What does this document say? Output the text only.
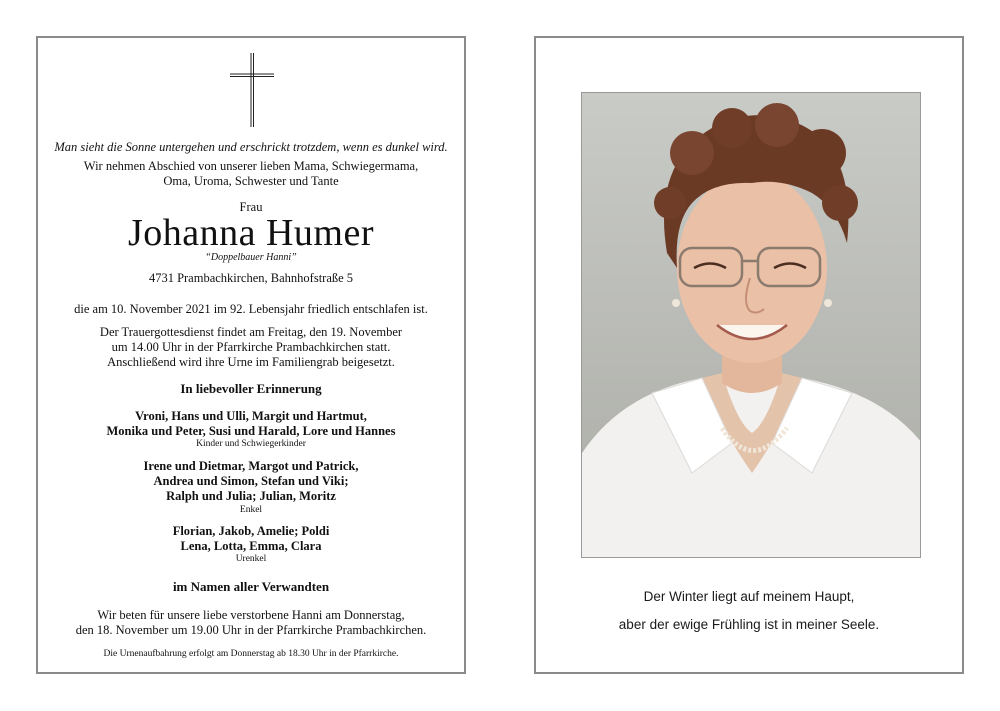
Man sieht die Sonne untergehen und erschrickt trotzdem, wenn es dunkel wird.
Wir nehmen Abschied von unserer lieben Mama, Schwiegermama,
Oma, Uroma, Schwester und Tante
Frau
Johanna Humer
“Doppelbauer Hanni”
4731 Prambachkirchen, Bahnhofstraße 5
die am 10. November 2021 im 92. Lebensjahr friedlich entschlafen ist.
Der Trauergottesdienst findet am Freitag, den 19. November
um 14.00 Uhr in der Pfarrkirche Prambachkirchen statt.
Anschließend wird ihre Urne im Familiengrab beigesetzt.
In liebevoller Erinnerung
Vroni, Hans und Ulli, Margit und Hartmut,
Monika und Peter, Susi und Harald, Lore und Hannes
Kinder und Schwiegerkinder
Irene und Dietmar, Margot und Patrick,
Andrea und Simon, Stefan und Viki;
Ralph und Julia; Julian, Moritz
Enkel
Florian, Jakob, Amelie; Poldi
Lena, Lotta, Emma, Clara
Urenkel
im Namen aller Verwandten
Wir beten für unsere liebe verstorbene Hanni am Donnerstag,
den 18. November um 19.00 Uhr in der Pfarrkirche Prambachkirchen.
Die Urnenaufbahrung erfolgt am Donnerstag ab 18.30 Uhr in der Pfarrkirche.
Der Winter liegt auf meinem Haupt,
aber der ewige Frühling ist in meiner Seele.
